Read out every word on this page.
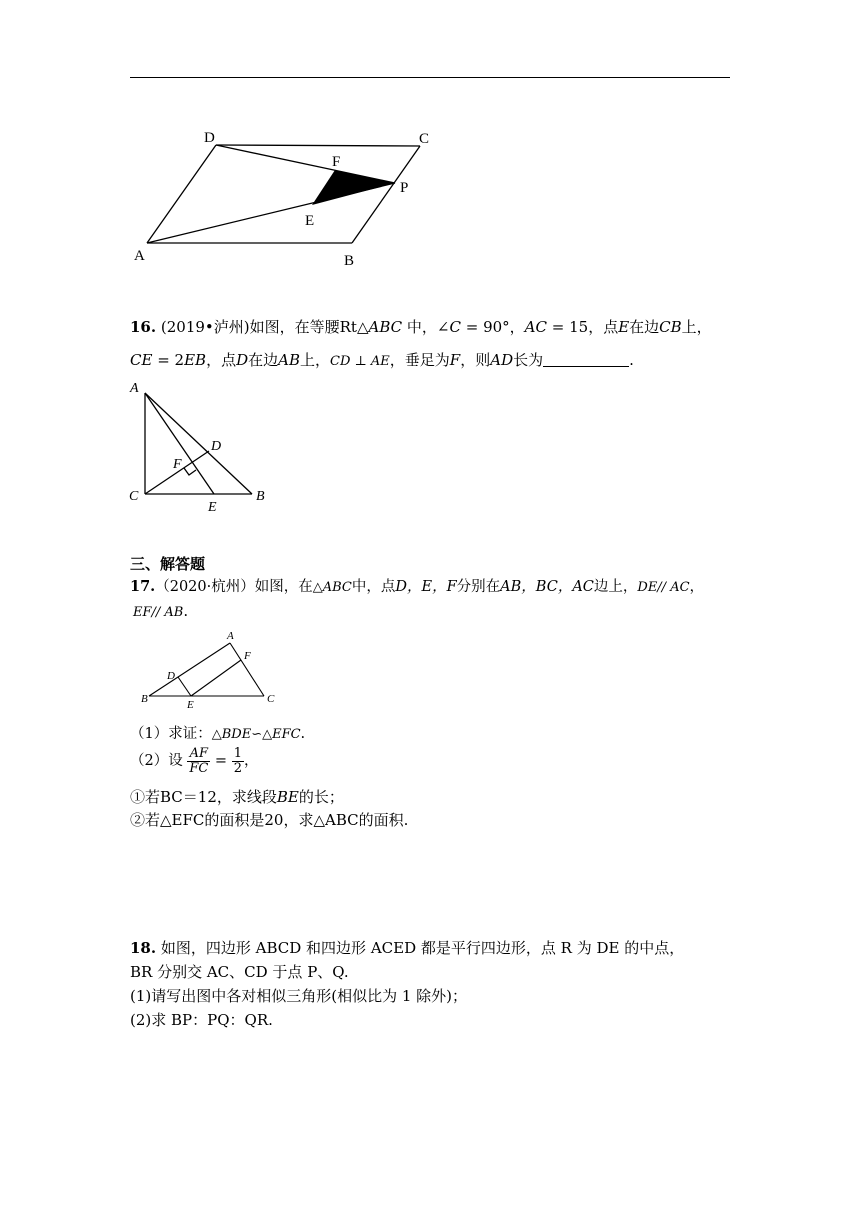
D	C
F
P
E
A	B
16. (2019•泸州)如图，在等腰Rt△ABC 中，∠C = 90°，AC = 15，点E在边CB上，
CE = 2EB，点D在边AB上，CD ⊥ AE，垂足为F，则AD长为	.
A
D
F
C
E
B
三、解答题
17.（2020·杭州）如图，在△ABC中，点D，E，F分别在AB，BC，AC边上，DE// AC，
EF// AB.
A
F
D
B	E	C
（1）求证：△BDE∽△EFC.
（2）设 $\frac{AF}{FC} = \frac{1}{2}$ ，
①若BC＝12，求线段BE的长；
②若△EFC的面积是20，求△ABC的面积.
18. 如图，四边形 ABCD 和四边形 ACED 都是平行四边形，点 R 为 DE 的中点，
BR 分别交 AC、CD 于点 P、Q.
(1)请写出图中各对相似三角形(相似比为 1 除外)；
(2)求 BP：PQ：QR.
